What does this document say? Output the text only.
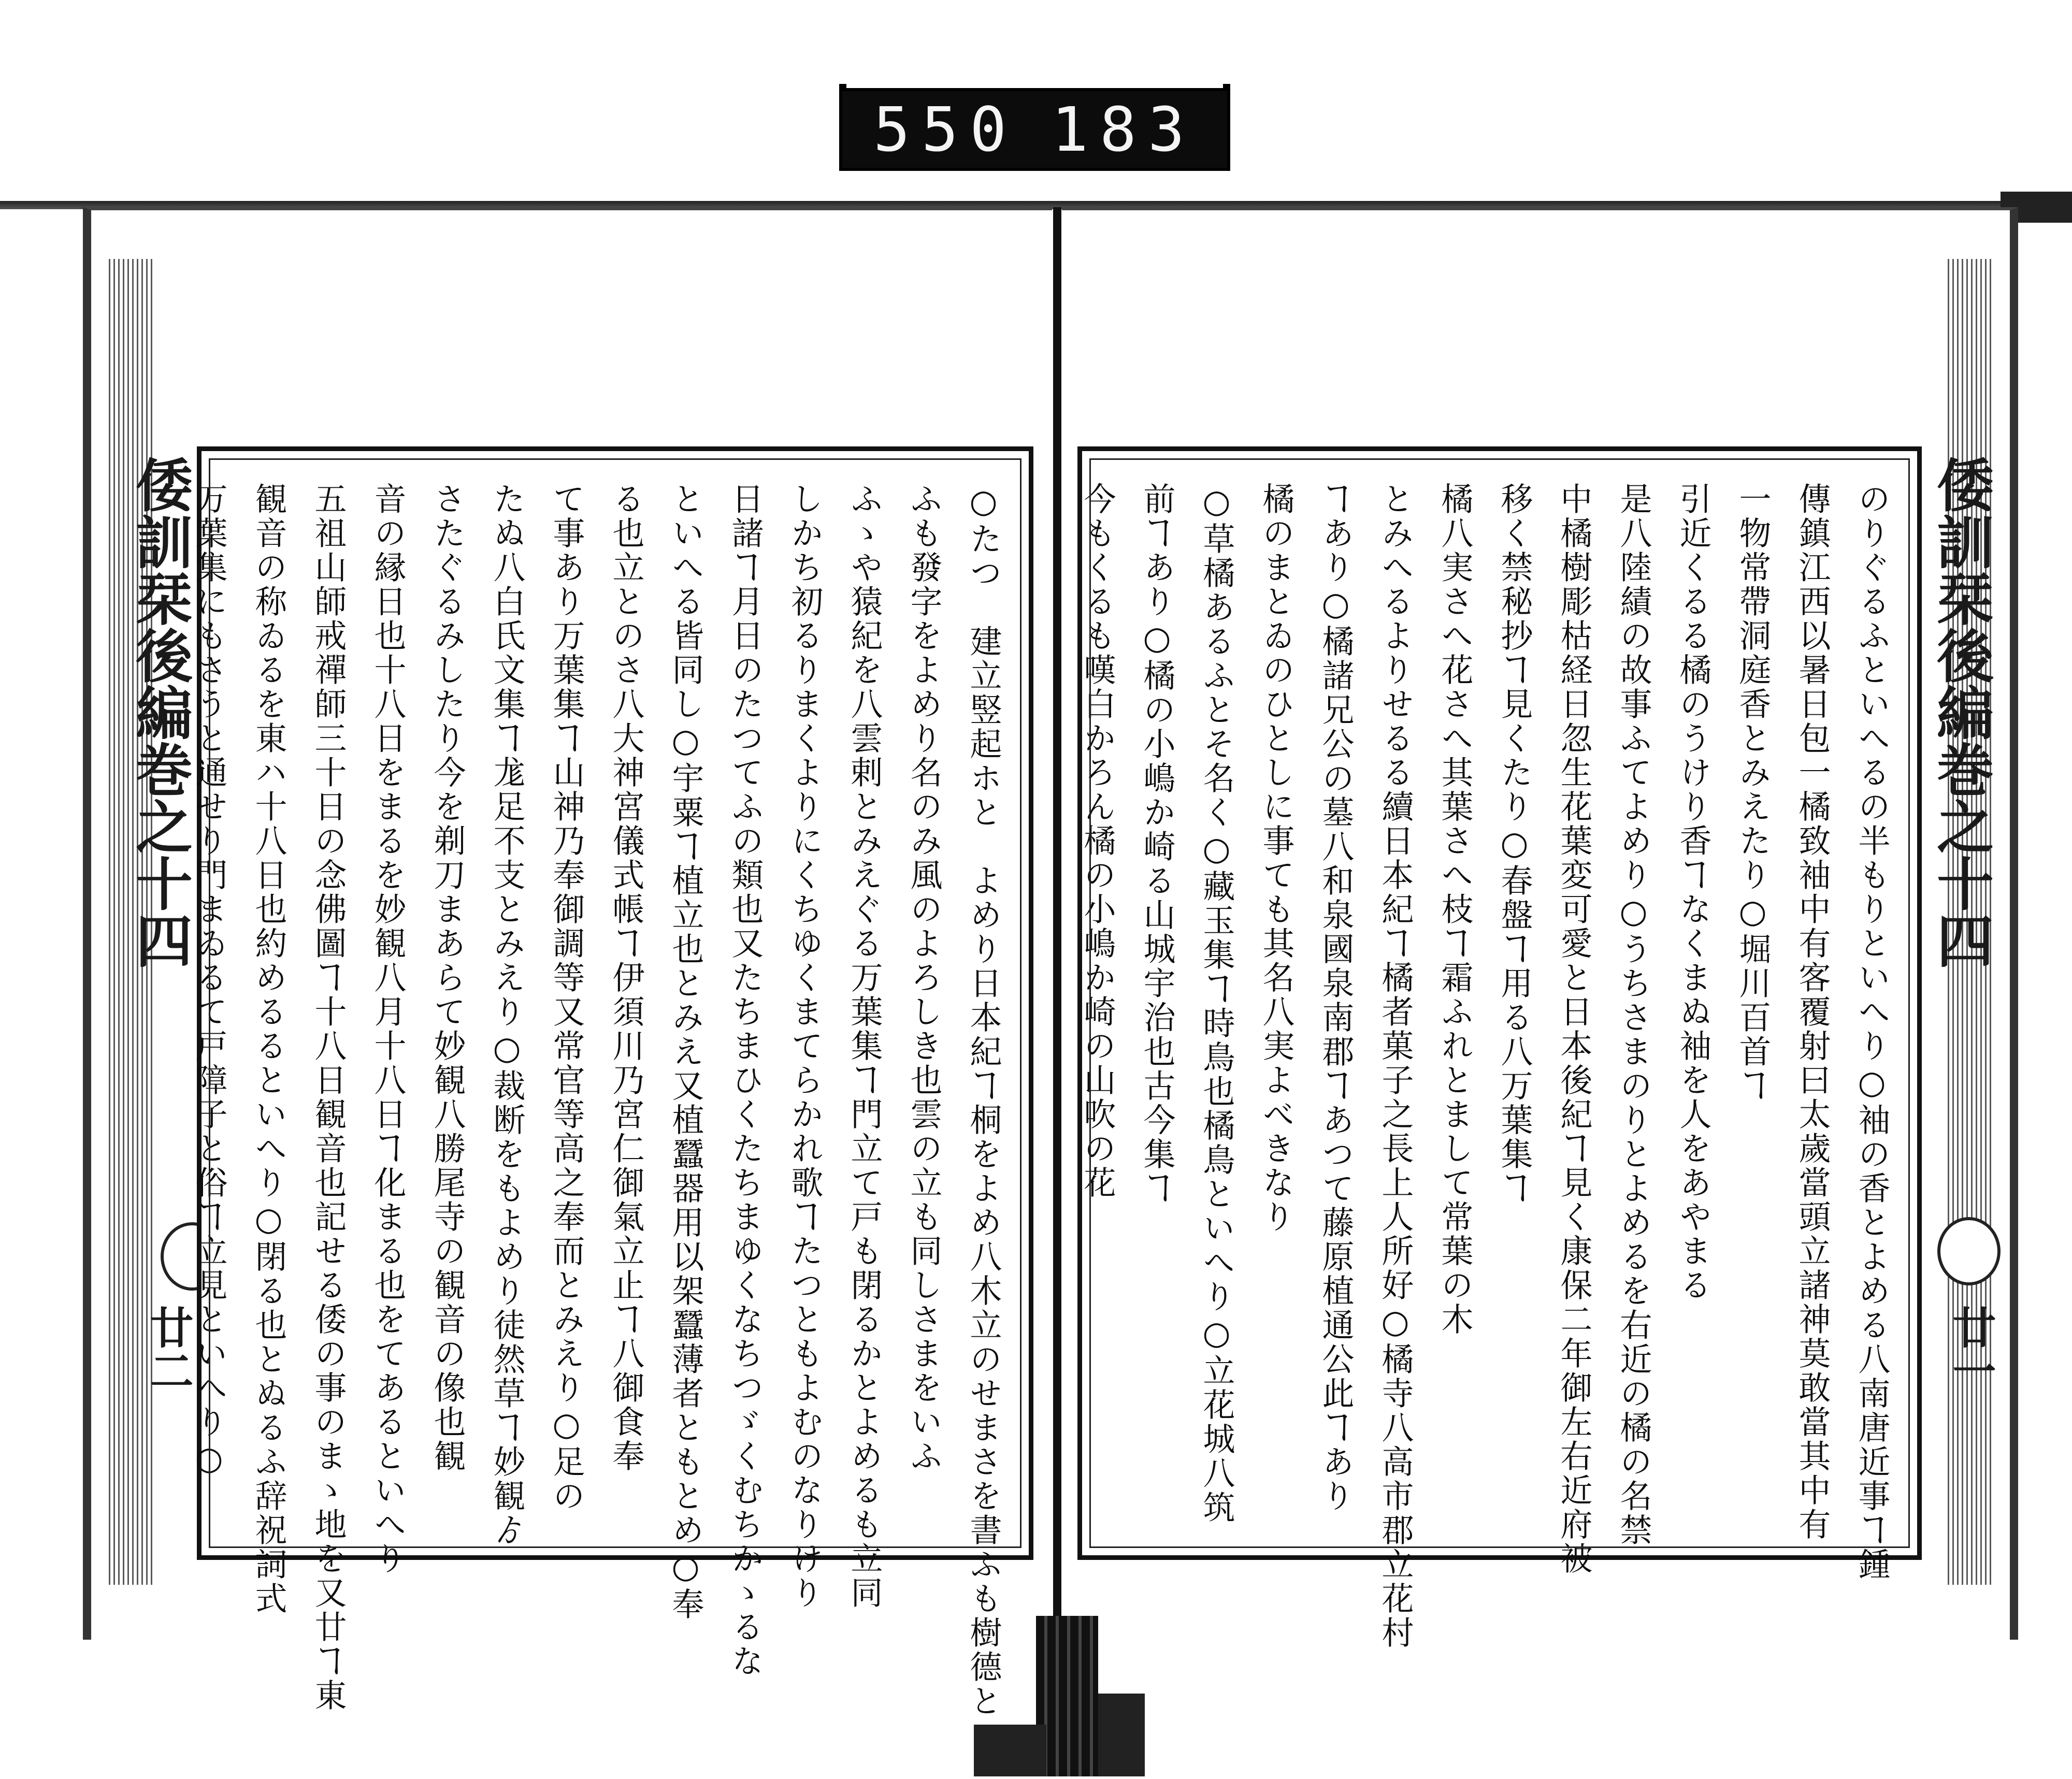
550 183
倭訓栞後編巻之十四
廿二
倭訓栞後編巻之十四
廿一
○たつ　建立竪起ホと　よめり日本紀ヿ桐をよめ八木立のせまさを書ふも樹德と
ふも發字をよめり名のみ風のよろしき也雲の立も同しさまをいふ
ふゝや猿紀を八雲剌とみえぐる万葉集ヿ門立て戸も閉るかとよめるも立同
しかち初るりまくよりにくちゆくまてらかれ歌ヿたつともよむのなりけり
日諸ヿ月日のたつてふの類也又たちまひくたちまゆくなちつゞくむちかゝるな
といへる皆同し○宇粟ヿ植立也とみえ又植蠶器用以架蠶薄者ともとめ○奉
る也立とのさ八大神宮儀式帳ヿ伊須川乃宮仁御氣立止ヿ八御食奉
て事あり万葉集ヿ山神乃奉御調等又常官等高之奉而とみえり○足の
たぬ八白氏文集ヿ尨足不支とみえり○裁断をもよめり徒然草ヿ妙観ゟ
さたぐるみしたり今を剃刀まあらて妙観八勝尾寺の観音の像也観
音の縁日也十八日をまるを妙観八月十八日ヿ化まる也をてあるといへり
五祖山師戒禪師三十日の念佛圖ヿ十八日観音也記せる倭の事のまゝ地を又廿ヿ東
観音の称ゐるを東ハ十八日也約めるるといへり○閉る也とぬるふ辞祝詞式
万葉集にもさうと通せり門まゐるて戸障子と俗ヿ立見といへり○	のりぐるふといへるの半もりといへり○袖の香とよめる八南唐近事ヿ鍾
傳鎮江西以暑日包一橘致袖中有客覆射曰太歲當頭立諸神莫敢當其中有
一物常帶洞庭香とみえたり○堀川百首ヿ
引近くるる橘のうけり香ヿなくまぬ袖を人をあやまる
是八陸績の故事ふてよめり○うちさまのりとよめるを右近の橘の名禁
中橘樹彫枯経日忽生花葉変可愛と日本後紀ヿ見く康保二年御左右近府被
移く禁秘抄ヿ見くたり○春盤ヿ用る八万葉集ヿ
橘八実さへ花さへ其葉さへ枝ヿ霜ふれとまして常葉の木
とみへるよりせるる續日本紀ヿ橘者菓子之長上人所好○橘寺八高市郡立花村
ヿあり○橘諸兄公の墓八和泉國泉南郡ヿあつて藤原植通公此ヿあり
橘のまとゐのひとしに事ても其名八実よべきなり
○草橘あるふとそ名く○藏玉集ヿ時鳥也橘鳥といへり○立花城八筑
前ヿあり○橘の小嶋か崎る山城宇治也古今集ヿ
今もくるも嘆白かろん橘の小嶋か崎の山吹の花
